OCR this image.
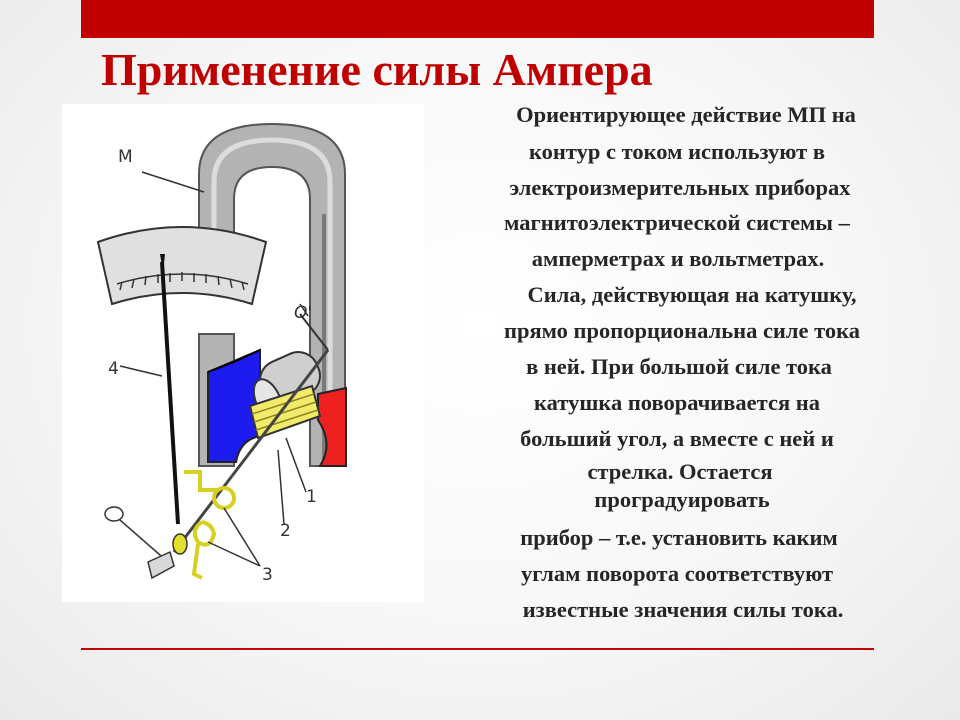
Применение силы Ампера
M
O'
4
1
2
3
Ориентирующее действие МП на
контур с током используют в
электроизмерительных приборах
магнитоэлектрической системы –
амперметрах и вольтметрах.
Сила, действующая на катушку,
прямо пропорциональна силе тока
в ней. При большой силе тока
катушка поворачивается на
больший угол, а вместе с ней и
стрелка. Остается
проградуировать
прибор – т.е. установить каким
углам поворота соответствуют
известные значения силы тока.
